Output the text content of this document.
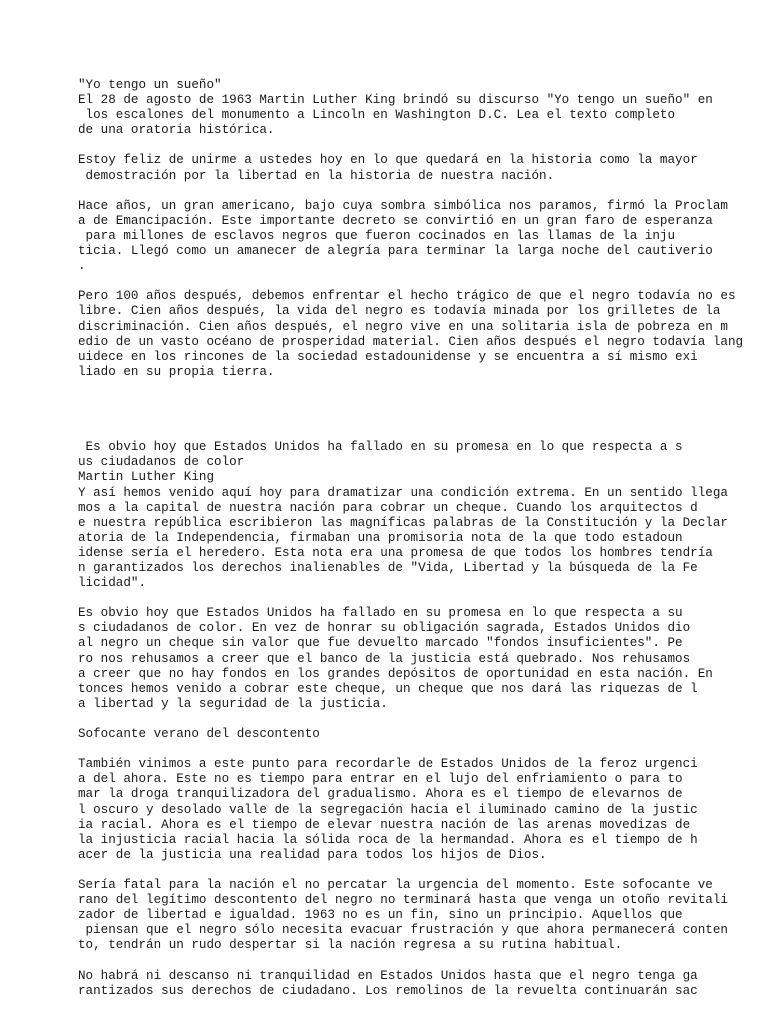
"Yo tengo un sueño"
El 28 de agosto de 1963 Martin Luther King brindó su discurso "Yo tengo un sueño" en
los escalones del monumento a Lincoln en Washington D.C. Lea el texto completo
de una oratoria histórica.
Estoy feliz de unirme a ustedes hoy en lo que quedará en la historia como la mayor
demostración por la libertad en la historia de nuestra nación.
Hace años, un gran americano, bajo cuya sombra simbólica nos paramos, firmó la Proclam
a de Emancipación. Este importante decreto se convirtió en un gran faro de esperanza
para millones de esclavos negros que fueron cocinados en las llamas de la inju
ticia. Llegó como un amanecer de alegría para terminar la larga noche del cautiverio
.
Pero 100 años después, debemos enfrentar el hecho trágico de que el negro todavía no es
libre. Cien años después, la vida del negro es todavía minada por los grilletes de la
discriminación. Cien años después, el negro vive en una solitaria isla de pobreza en m
edio de un vasto océano de prosperidad material. Cien años después el negro todavía lang
uidece en los rincones de la sociedad estadounidense y se encuentra a sí mismo exi
liado en su propia tierra.
Es obvio hoy que Estados Unidos ha fallado en su promesa en lo que respecta a s
us ciudadanos de color
Martin Luther King
Y así hemos venido aquí hoy para dramatizar una condición extrema. En un sentido llega
mos a la capital de nuestra nación para cobrar un cheque. Cuando los arquitectos d
e nuestra república escribieron las magníficas palabras de la Constitución y la Declar
atoria de la Independencia, firmaban una promisoria nota de la que todo estadoun
idense sería el heredero. Esta nota era una promesa de que todos los hombres tendría
n garantizados los derechos inalienables de "Vida, Libertad y la búsqueda de la Fe
licidad".
Es obvio hoy que Estados Unidos ha fallado en su promesa en lo que respecta a su
s ciudadanos de color. En vez de honrar su obligación sagrada, Estados Unidos dio
al negro un cheque sin valor que fue devuelto marcado "fondos insuficientes". Pe
ro nos rehusamos a creer que el banco de la justicia está quebrado. Nos rehusamos
a creer que no hay fondos en los grandes depósitos de oportunidad en esta nación. En
tonces hemos venido a cobrar este cheque, un cheque que nos dará las riquezas de l
a libertad y la seguridad de la justicia.
Sofocante verano del descontento
También vinimos a este punto para recordarle de Estados Unidos de la feroz urgenci
a del ahora. Este no es tiempo para entrar en el lujo del enfriamiento o para to
mar la droga tranquilizadora del gradualismo. Ahora es el tiempo de elevarnos de
l oscuro y desolado valle de la segregación hacia el iluminado camino de la justic
ia racial. Ahora es el tiempo de elevar nuestra nación de las arenas movedizas de
la injusticia racial hacia la sólida roca de la hermandad. Ahora es el tiempo de h
acer de la justicia una realidad para todos los hijos de Dios.
Sería fatal para la nación el no percatar la urgencia del momento. Este sofocante ve
rano del legítimo descontento del negro no terminará hasta que venga un otoño revitali
zador de libertad e igualdad. 1963 no es un fin, sino un principio. Aquellos que
piensan que el negro sólo necesita evacuar frustración y que ahora permanecerá conten
to, tendrán un rudo despertar si la nación regresa a su rutina habitual.
No habrá ni descanso ni tranquilidad en Estados Unidos hasta que el negro tenga ga
rantizados sus derechos de ciudadano. Los remolinos de la revuelta continuarán sac
